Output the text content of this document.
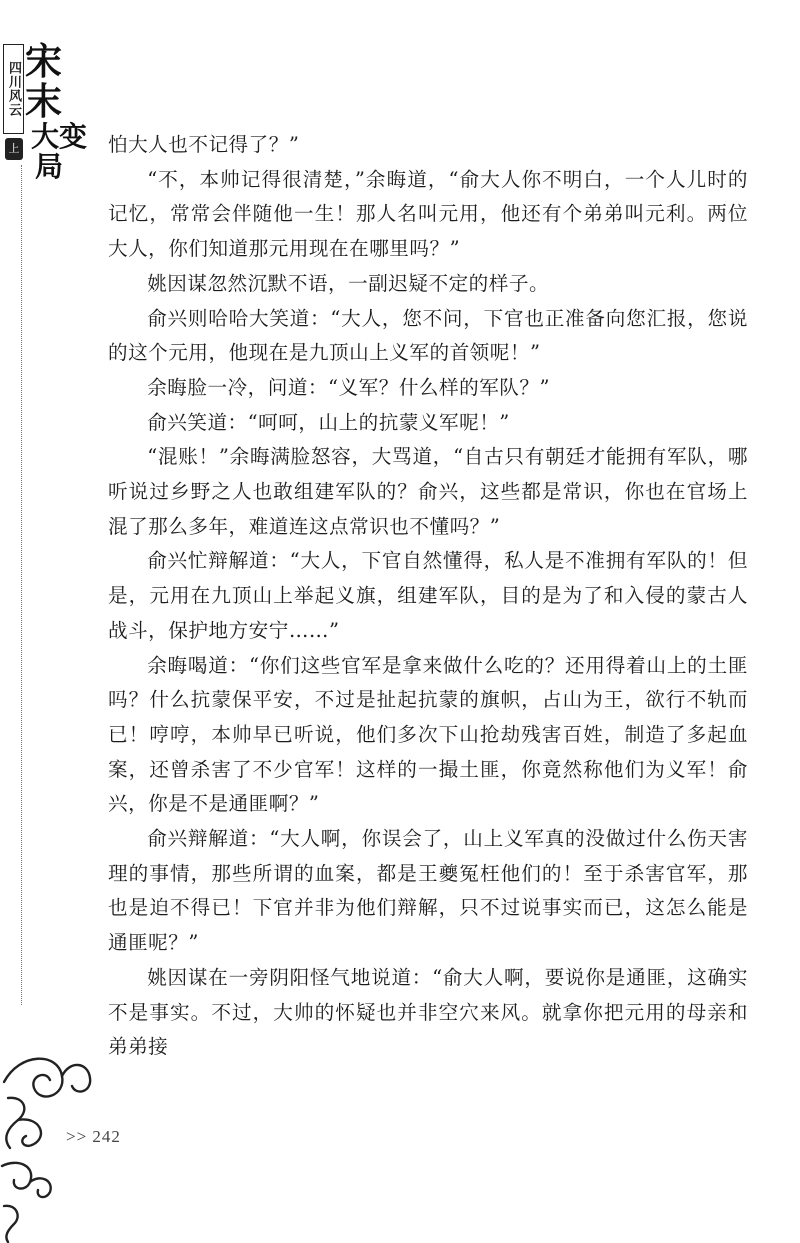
四川风云 宋末
大变
局
上册

怕大人也不记得了？”

“不，本帅记得很清楚，”余晦道，“俞大人你不明白，一个人儿时的记忆，常常会伴随他一生！那人名叫元用，他还有个弟弟叫元利。两位大人，你们知道那元用现在在哪里吗？”

姚因谋忽然沉默不语，一副迟疑不定的样子。

俞兴则哈哈大笑道：“大人，您不问，下官也正准备向您汇报，您说的这个元用，他现在是九顶山上义军的首领呢！”

余晦脸一冷，问道：“义军？什么样的军队？”

俞兴笑道：“呵呵，山上的抗蒙义军呢！”

“混账！”余晦满脸怒容，大骂道，“自古只有朝廷才能拥有军队，哪听说过乡野之人也敢组建军队的？俞兴，这些都是常识，你也在官场上混了那么多年，难道连这点常识也不懂吗？”

俞兴忙辩解道：“大人，下官自然懂得，私人是不准拥有军队的！但是，元用在九顶山上举起义旗，组建军队，目的是为了和入侵的蒙古人战斗，保护地方安宁……”

余晦喝道：“你们这些官军是拿来做什么吃的？还用得着山上的土匪吗？什么抗蒙保平安，不过是扯起抗蒙的旗帜，占山为王，欲行不轨而已！哼哼，本帅早已听说，他们多次下山抢劫残害百姓，制造了多起血案，还曾杀害了不少官军！这样的一撮土匪，你竟然称他们为义军！俞兴，你是不是通匪啊？”

俞兴辩解道：“大人啊，你误会了，山上义军真的没做过什么伤天害理的事情，那些所谓的血案，都是王夔冤枉他们的！至于杀害官军，那也是迫不得已！下官并非为他们辩解，只不过说事实而已，这怎么能是通匪呢？”

姚因谋在一旁阴阳怪气地说道：“俞大人啊，要说你是通匪，这确实不是事实。不过，大帅的怀疑也并非空穴来风。就拿你把元用的母亲和弟弟接

>> 242
